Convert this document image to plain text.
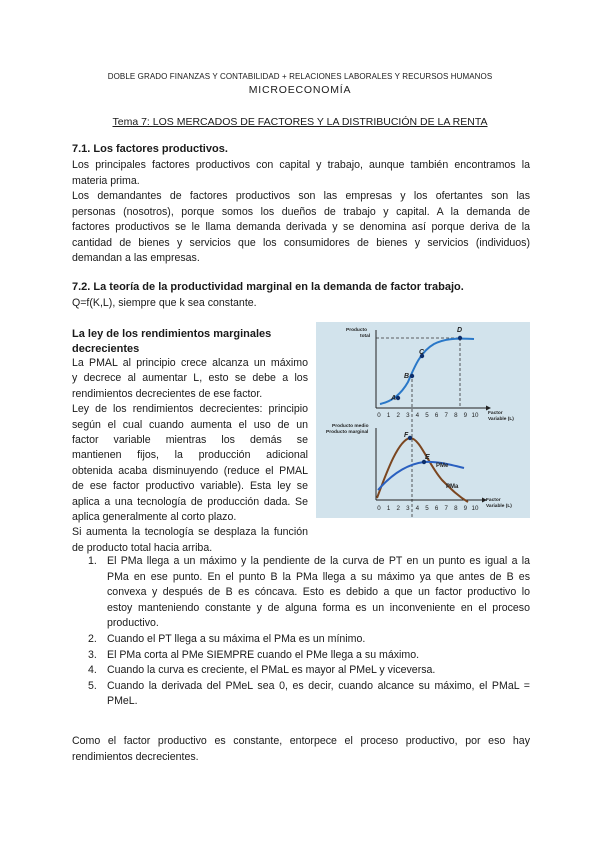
DOBLE GRADO FINANZAS Y CONTABILIDAD + RELACIONES LABORALES Y RECURSOS HUMANOS
MICROECONOMÍA
Tema 7: LOS MERCADOS DE FACTORES Y LA DISTRIBUCIÓN DE LA RENTA
7.1. Los factores productivos.
Los principales factores productivos con capital y trabajo, aunque también encontramos la
materia prima.
Los demandantes de factores productivos son las empresas y los ofertantes son las
personas (nosotros), porque somos los dueños de trabajo y capital. A la demanda de
factores productivos se le llama demanda derivada y se denomina así porque deriva de la
cantidad de bienes y servicios que los consumidores de bienes y servicios (individuos)
demandan a las empresas.
7.2. La teoría de la productividad marginal en la demanda de factor trabajo.
Q=f(K,L), siempre que k sea constante.
La ley de los rendimientos marginales
decrecientes
La PMAL al principio crece alcanza un máximo
y decrece al aumentar L, esto se debe a los
rendimientos decrecientes de ese factor.
Ley de los rendimientos decrecientes: principio
según el cual cuando aumenta el uso de un
factor variable mientras los demás se
mantienen fijos, la producción adicional
obtenida acaba disminuyendo (reduce el PMAL
de ese factor productivo variable). Esta ley se
aplica a una tecnología de producción dada. Se
aplica generalmente al corto plazo.
Si aumenta la tecnología se desplaza la función
de producto total hacia arriba.
A
B
C
D
Producto
total
0 1 2 3 4 5 6 7 8 9 10 Factor
Variable (L)
F
E
PMe
PMa
Producto medio
Producto marginal
0 1 2 3 4 5 6 7 8 9 10
Factor
Variable (L)
1. El PMa llega a un máximo y la pendiente de la curva de PT en un punto es igual a la
PMa en ese punto. En el punto B la PMa llega a su máximo ya que antes de B es
convexa y después de B es cóncava. Esto es debido a que un factor productivo lo
estoy manteniendo constante y de alguna forma es un inconveniente en el proceso
productivo.
2. Cuando el PT llega a su máxima el PMa es un mínimo.
3. El PMa corta al PMe SIEMPRE cuando el PMe llega a su máximo.
4. Cuando la curva es creciente, el PMaL es mayor al PMeL y viceversa.
5. Cuando la derivada del PMeL sea 0, es decir, cuando alcance su máximo, el PMaL =
PMeL.
Como el factor productivo es constante, entorpece el proceso productivo, por eso hay
rendimientos decrecientes.
